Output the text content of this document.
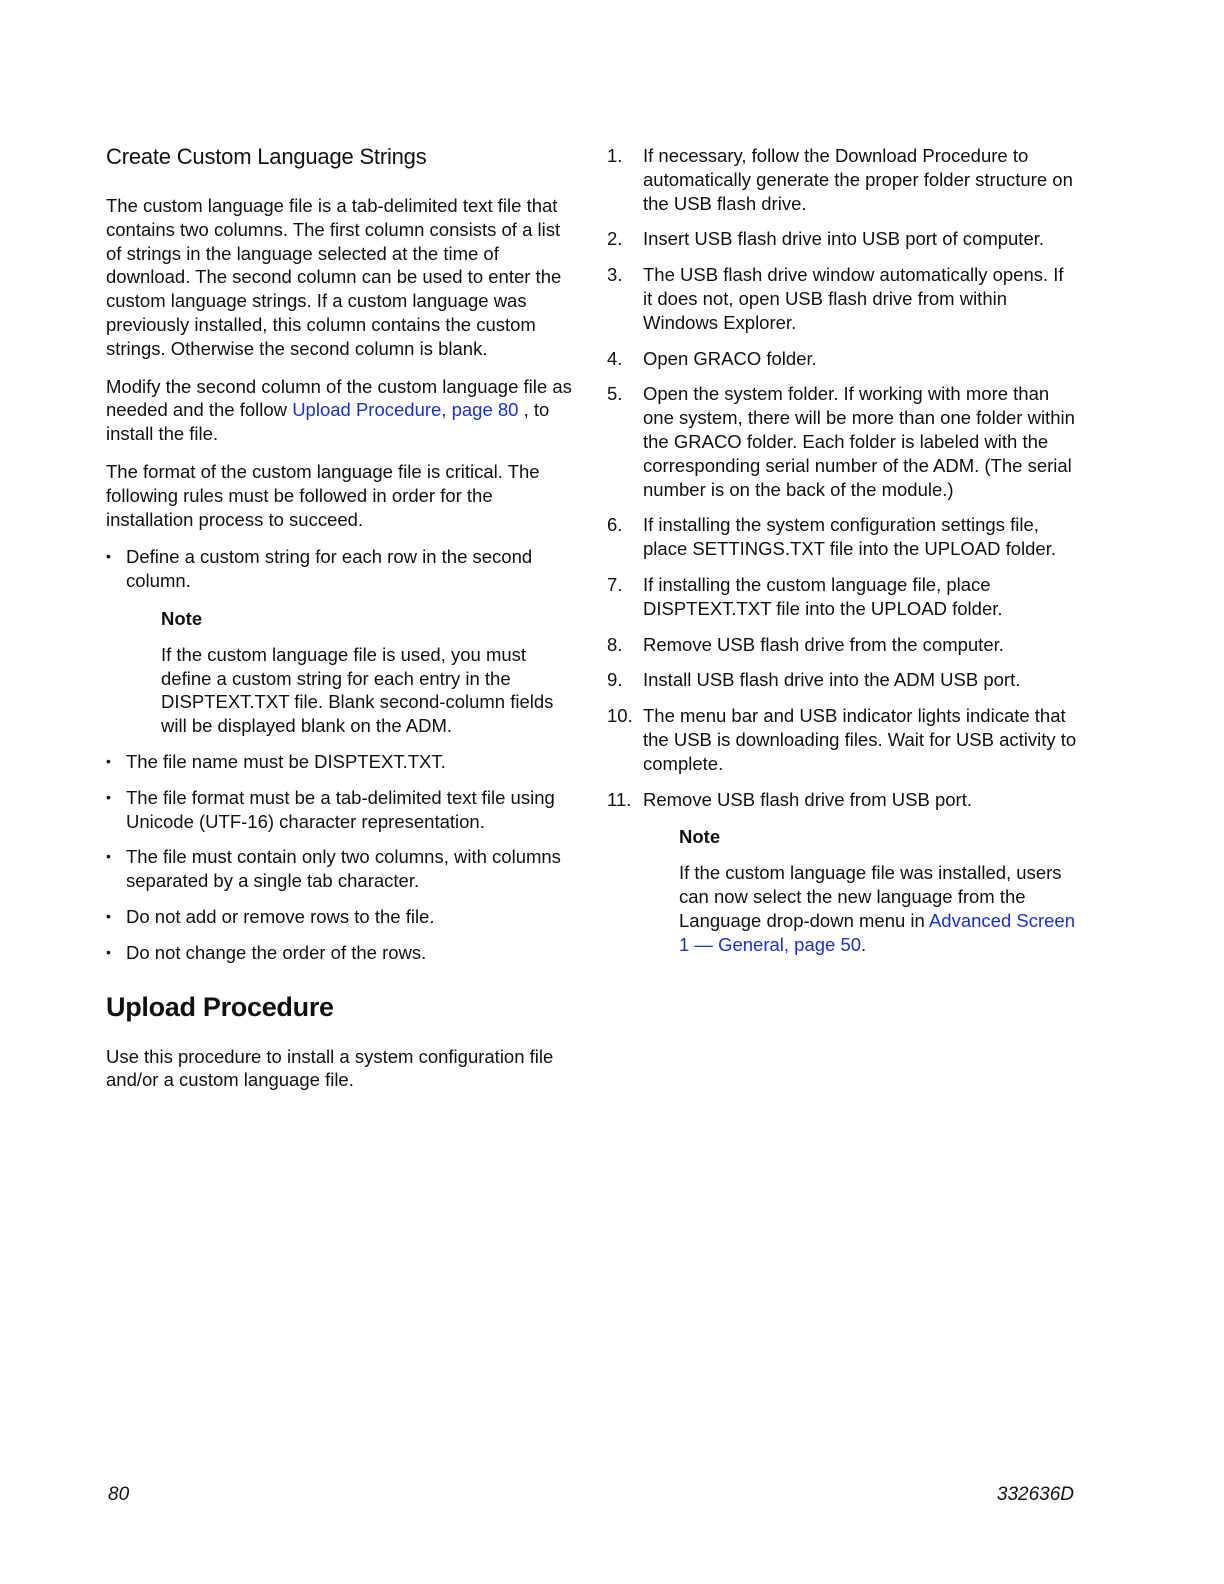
Create Custom Language Strings

The custom language file is a tab-delimited text file that contains two columns. The first column consists of a list of strings in the language selected at the time of download. The second column can be used to enter the custom language strings. If a custom language was previously installed, this column contains the custom strings. Otherwise the second column is blank.

Modify the second column of the custom language file as needed and the follow Upload Procedure, page 80 , to install the file.

The format of the custom language file is critical. The following rules must be followed in order for the installation process to succeed.

• Define a custom string for each row in the second column.
Note
If the custom language file is used, you must define a custom string for each entry in the DISPTEXT.TXT file. Blank second-column fields will be displayed blank on the ADM.
• The file name must be DISPTEXT.TXT.
• The file format must be a tab-delimited text file using Unicode (UTF-16) character representation.
• The file must contain only two columns, with columns separated by a single tab character.
• Do not add or remove rows to the file.
• Do not change the order of the rows.
Upload Procedure

Use this procedure to install a system configuration file and/or a custom language file.

1. If necessary, follow the Download Procedure to automatically generate the proper folder structure on the USB flash drive.
2. Insert USB flash drive into USB port of computer.
3. The USB flash drive window automatically opens. If it does not, open USB flash drive from within Windows Explorer.
4. Open GRACO folder.
5. Open the system folder. If working with more than one system, there will be more than one folder within the GRACO folder. Each folder is labeled with the corresponding serial number of the ADM. (The serial number is on the back of the module.)
6. If installing the system configuration settings file, place SETTINGS.TXT file into the UPLOAD folder.
7. If installing the custom language file, place DISPTEXT.TXT file into the UPLOAD folder.
8. Remove USB flash drive from the computer.
9. Install USB flash drive into the ADM USB port.
10. The menu bar and USB indicator lights indicate that the USB is downloading files. Wait for USB activity to complete.
11. Remove USB flash drive from USB port.
Note
If the custom language file was installed, users can now select the new language from the Language drop-down menu in Advanced Screen 1 — General, page 50.
80	332636D
